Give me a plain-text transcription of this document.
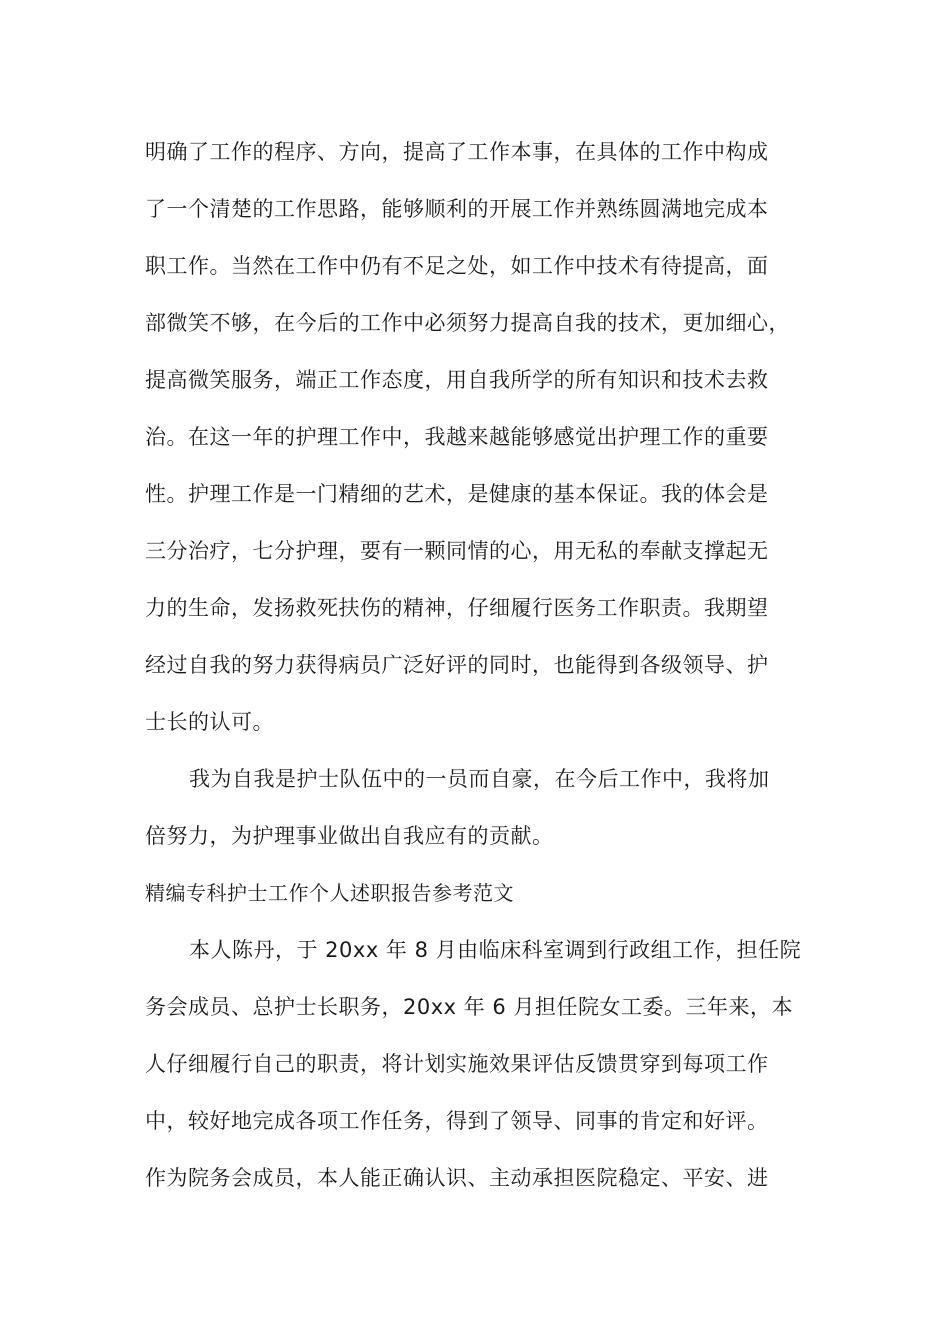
明确了工作的程序、方向，提高了工作本事，在具体的工作中构成
了一个清楚的工作思路，能够顺利的开展工作并熟练圆满地完成本
职工作。当然在工作中仍有不足之处，如工作中技术有待提高，面
部微笑不够，在今后的工作中必须努力提高自我的技术，更加细心，
提高微笑服务，端正工作态度，用自我所学的所有知识和技术去救
治。在这一年的护理工作中，我越来越能够感觉出护理工作的重要
性。护理工作是一门精细的艺术，是健康的基本保证。我的体会是
三分治疗，七分护理，要有一颗同情的心，用无私的奉献支撑起无
力的生命，发扬救死扶伤的精神，仔细履行医务工作职责。我期望
经过自我的努力获得病员广泛好评的同时，也能得到各级领导、护
士长的认可。
我为自我是护士队伍中的一员而自豪，在今后工作中，我将加
倍努力，为护理事业做出自我应有的贡献。
精编专科护士工作个人述职报告参考范文
本人陈丹，于 20xx 年 8 月由临床科室调到行政组工作，担任院
务会成员、总护士长职务，20xx 年 6 月担任院女工委。三年来，本
人仔细履行自己的职责，将计划实施效果评估反馈贯穿到每项工作
中，较好地完成各项工作任务，得到了领导、同事的肯定和好评。
作为院务会成员，本人能正确认识、主动承担医院稳定、平安、进
